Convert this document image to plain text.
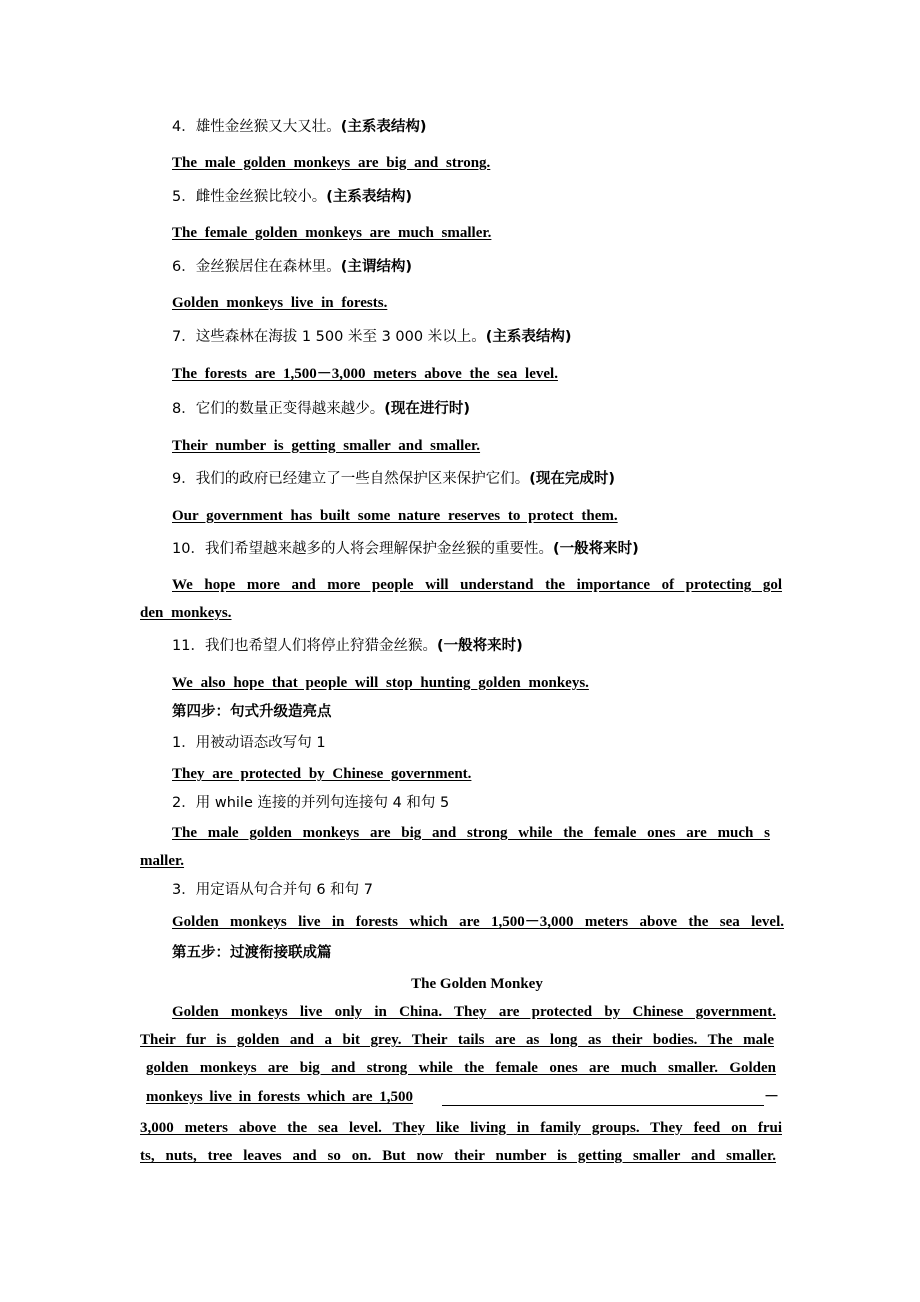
4．雄性金丝猴又大又壮。(主系表结构)
The male golden monkeys are big and strong.
5．雌性金丝猴比较小。(主系表结构)
The female golden monkeys are much smaller.
6．金丝猴居住在森林里。(主谓结构)
Golden monkeys live in forests.
7．这些森林在海拔 1 500 米至 3 000 米以上。(主系表结构)
The forests are 1,500－3,000 meters above the sea level.
8．它们的数量正变得越来越少。(现在进行时)
Their number is getting smaller and smaller.
9．我们的政府已经建立了一些自然保护区来保护它们。(现在完成时)
Our government has built some nature reserves to protect them.
10．我们希望越来越多的人将会理解保护金丝猴的重要性。(一般将来时)
We hope more and more people will understand the importance of protecting gol
den monkeys.
11．我们也希望人们将停止狩猎金丝猴。(一般将来时)
We also hope that people will stop hunting golden monkeys.
第四步：句式升级造亮点
1．用被动语态改写句 1
They are protected by Chinese government.
2．用 while 连接的并列句连接句 4 和句 5
The male golden monkeys are big and strong while the female ones are much s
maller.
3．用定语从句合并句 6 和句 7
Golden monkeys live in forests which are 1,500－3,000 meters above the sea level.
第五步：过渡衔接联成篇
The Golden Monkey
Golden monkeys live only in China. They are protected by Chinese government.
Their fur is golden and a bit grey. Their tails are as long as their bodies. The male
golden monkeys are big and strong while the female ones are much smaller. Golden
monkeys live in forests which are 1,500	－
3,000 meters above the sea level. They like living in family groups. They feed on frui
ts, nuts, tree leaves and so on. But now their number is getting smaller and smaller.
